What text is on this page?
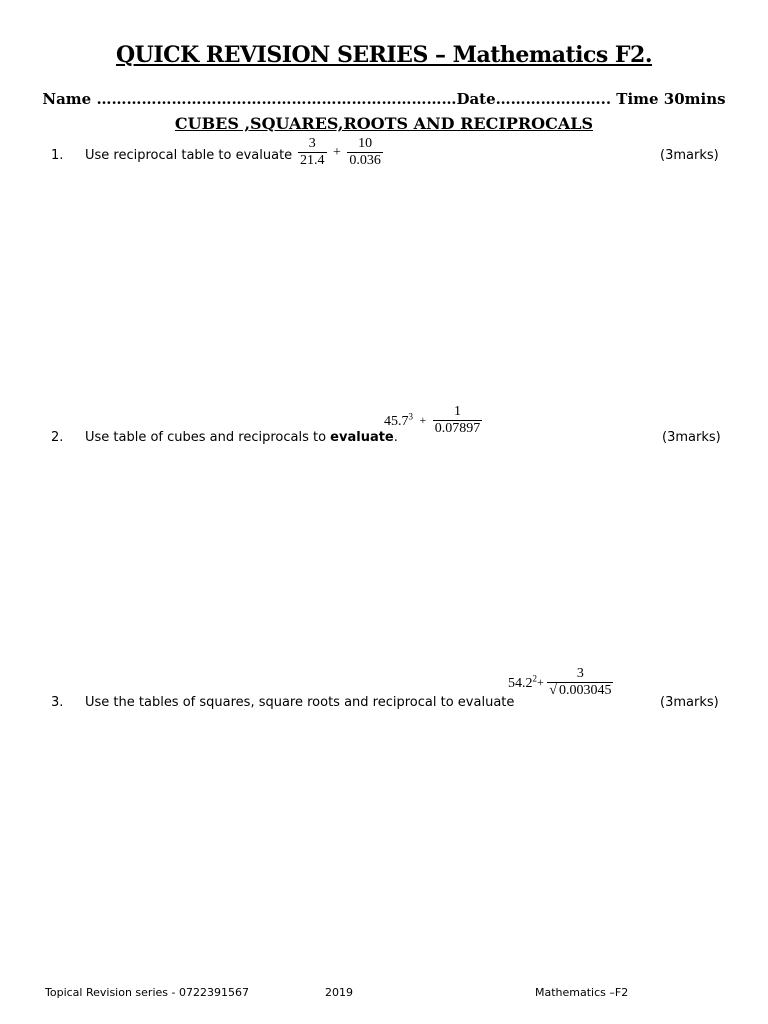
QUICK REVISION SERIES – Mathematics F2.
Name ………………………………………………………………Date………………….. Time 30mins
CUBES ,SQUARES,ROOTS AND RECIPROCALS
1. Use reciprocal table to evaluate $\frac{3}{21.4} + \frac{10}{0.036}$	(3marks)
2. Use table of cubes and reciprocals to evaluate.
$45.7^3 + \frac{1}{0.07897}$
(3marks)
3. Use the tables of squares, square roots and reciprocal to evaluate
$54.2^2+ \frac{3}{√ 0.003045}$
(3marks)
Topical Revision series - 0722391567	2019	Mathematics –F2
